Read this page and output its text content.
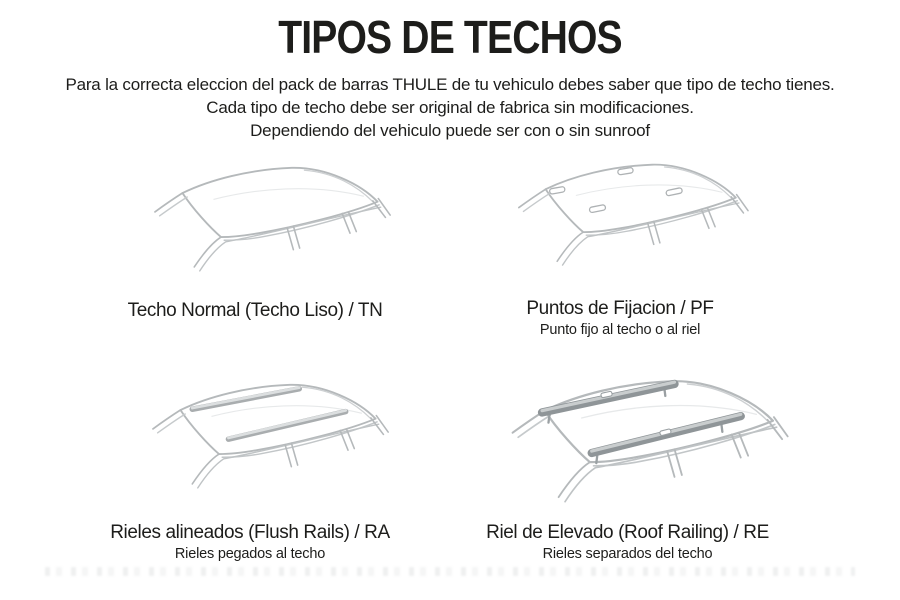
TIPOS DE TECHOS
Para la correcta eleccion del pack de barras THULE de tu vehiculo debes saber que tipo de techo tienes.
Cada tipo de techo debe ser original de fabrica sin modificaciones.
Dependiendo del vehiculo puede ser con o sin sunroof
Techo Normal (Techo Liso) / TN	Puntos de Fijacion / PF
Punto fijo al techo o al riel
Rieles alineados (Flush Rails) / RA
Rieles pegados al techo
Riel de Elevado (Roof Railing) / RE
Rieles separados del techo
